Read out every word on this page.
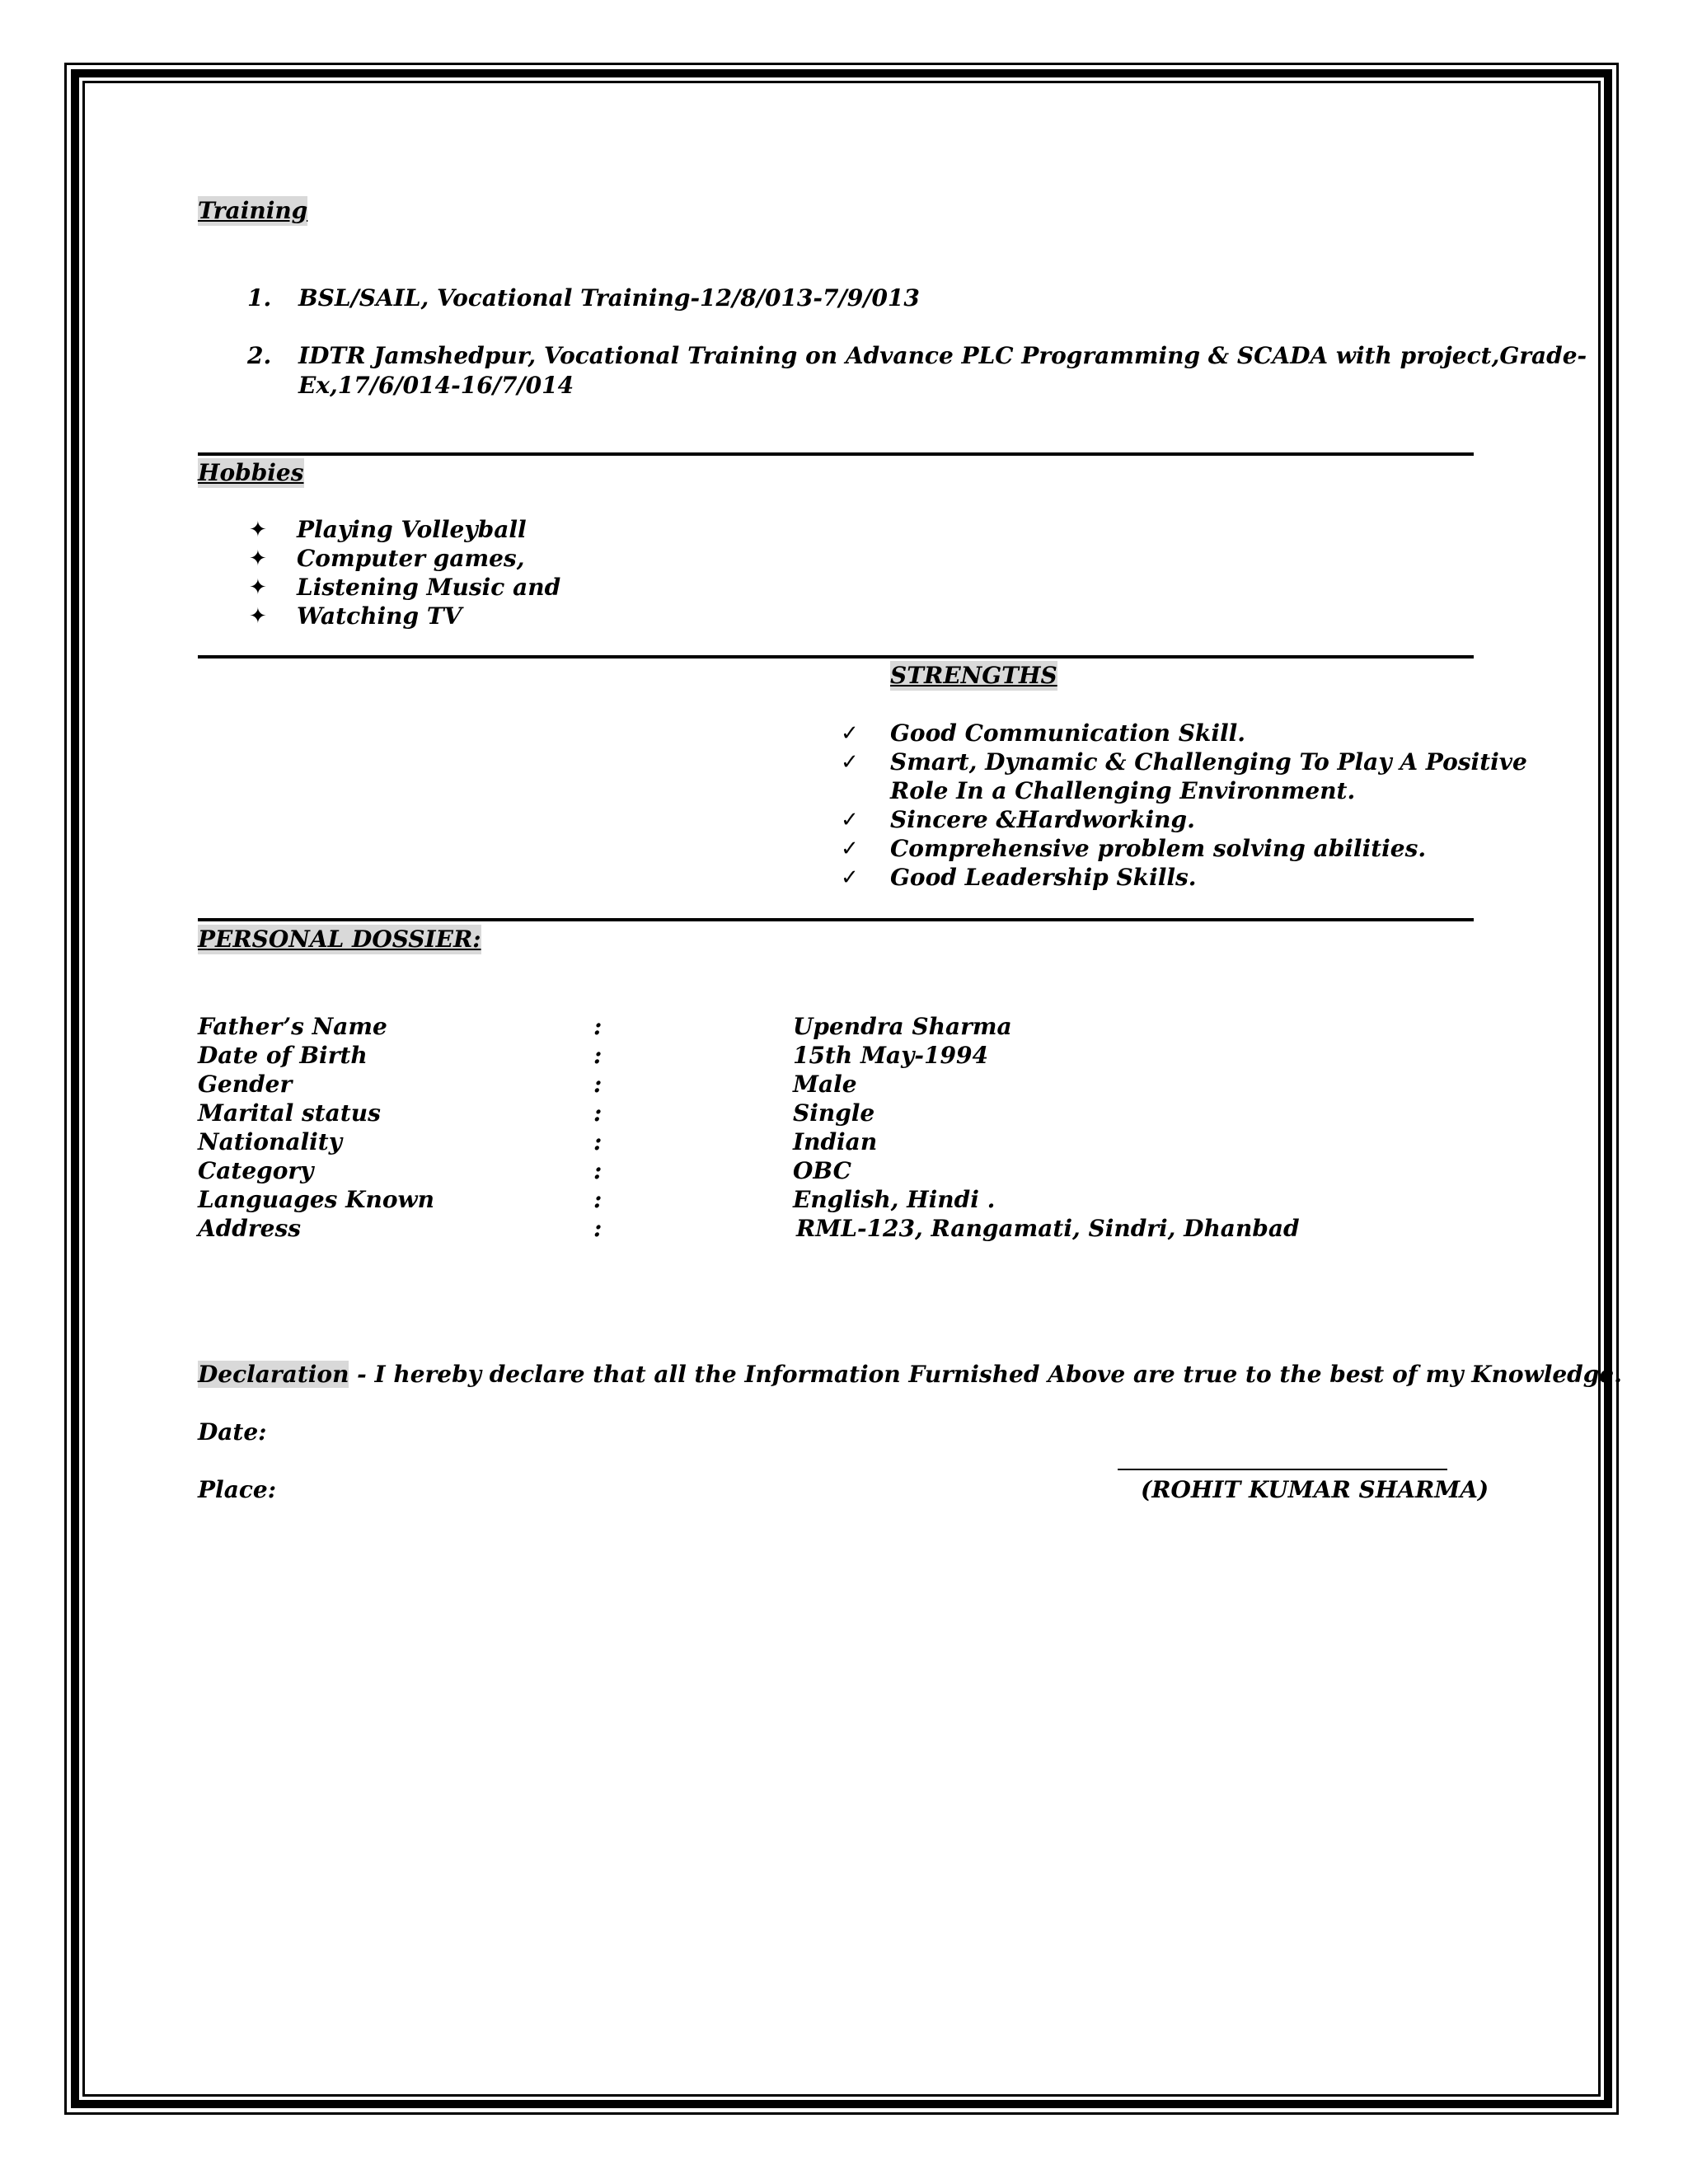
Training
1. BSL/SAIL, Vocational Training-12/8/013-7/9/013
2. IDTR Jamshedpur, Vocational Training on Advance PLC Programming & SCADA with project,Grade-
Ex,17/6/014-16/7/014
Hobbies
✦ Playing Volleyball
✦ Computer games,
✦ Listening Music and
✦ Watching TV
STRENGTHS
✓ Good Communication Skill.
✓ Smart, Dynamic & Challenging To Play A Positive
Role In a Challenging Environment.
✓ Sincere &Hardworking.
✓ Comprehensive problem solving abilities.
✓ Good Leadership Skills.
PERSONAL DOSSIER:
Father’s Name	:	Upendra Sharma
Date of Birth	:	15th May-1994
Gender	:	Male
Marital status	:	Single
Nationality	:	Indian
Category	:	OBC
Languages Known	:	English, Hindi .
Address	:	RML-123, Rangamati, Sindri, Dhanbad
Declaration - I hereby declare that all the Information Furnished Above are true to the best of my Knowledge.
Date:
Place:	(ROHIT KUMAR SHARMA)
